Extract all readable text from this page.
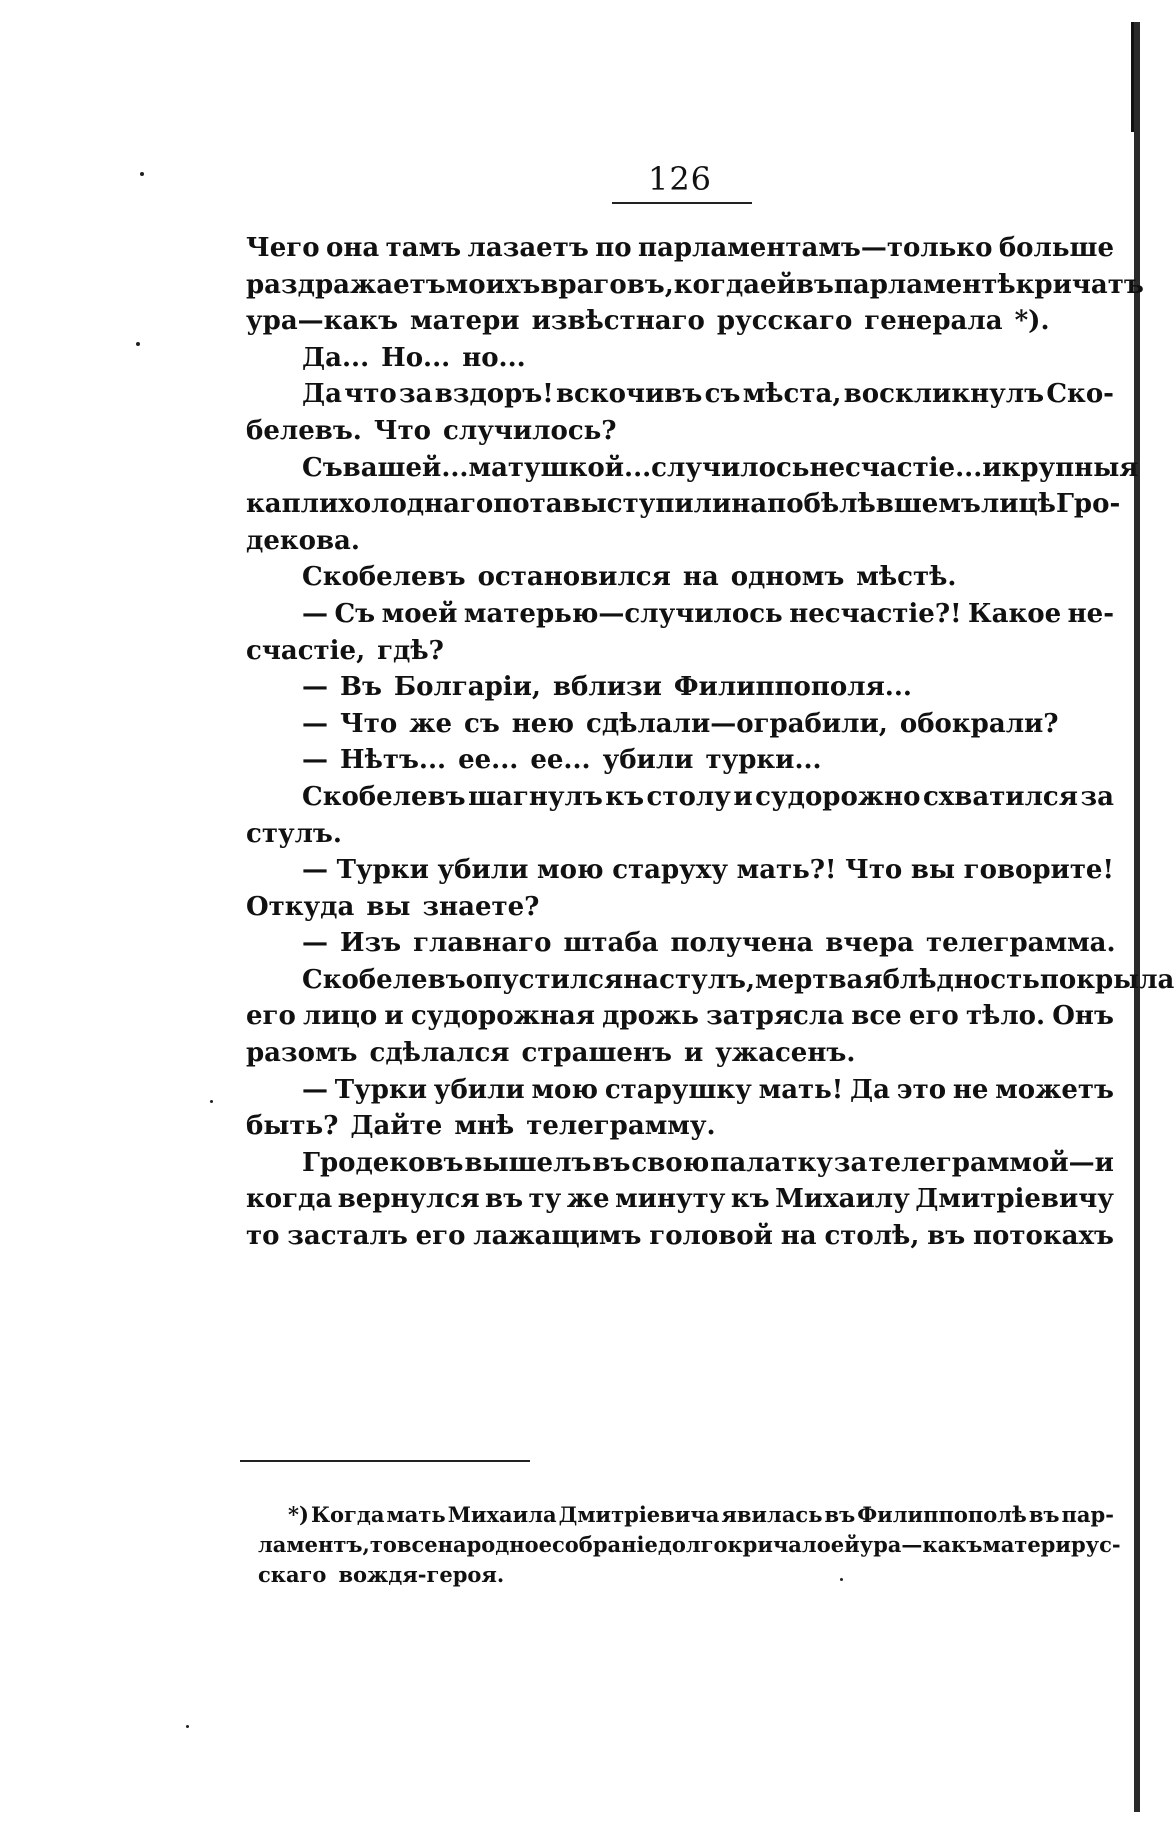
126
Чего она тамъ лазаетъ по парламентамъ—только больше
раздражаетъ моихъ враговъ, когда ей въ парламентѣ кричатъ
ура—какъ матери извѣстнаго русскаго генерала *).
Да... Но... но...
Да что за вздоръ! вскочивъ съ мѣста, воскликнулъ Ско-
белевъ. Что случилось?
Съ вашей... матушкой... случилось несчастіе... и крупныя
капли холоднаго пота выступили на побѣлѣвшемъ лицѣ Гро-
декова.
Скобелевъ остановился на одномъ мѣстѣ.
— Съ моей матерью—случилось несчастіе?! Какое не-
счастіе, гдѣ?
— Въ Болгаріи, вблизи Филиппополя...
— Что же съ нею сдѣлали—ограбили, обокрали?
— Нѣтъ... ее... ее... убили турки...
Скобелевъ шагнулъ къ столу и судорожно схватился за
стулъ.
— Турки убили мою старуху мать?! Что вы говорите!
Откуда вы знаете?
— Изъ главнаго штаба получена вчера телеграмма.
Скобелевъ опустился на стулъ, мертвая блѣдность покрыла
его лицо и судорожная дрожь затрясла все его тѣло. Онъ
разомъ сдѣлался страшенъ и ужасенъ.
— Турки убили мою старушку мать! Да это не можетъ
быть? Дайте мнѣ телеграмму.
Гродековъ вышелъ въ свою палатку за телеграммой—и
когда вернулся въ ту же минуту къ Михаилу Дмитріевичу
то засталъ его лажащимъ головой на столѣ, въ потокахъ
*) Когда мать Михаила Дмитріевича явилась въ Филиппополѣ въ пар-
ламентъ, то все народное собраніе долго кричало ей ура—какъ матери рус-
скаго вождя-героя.
